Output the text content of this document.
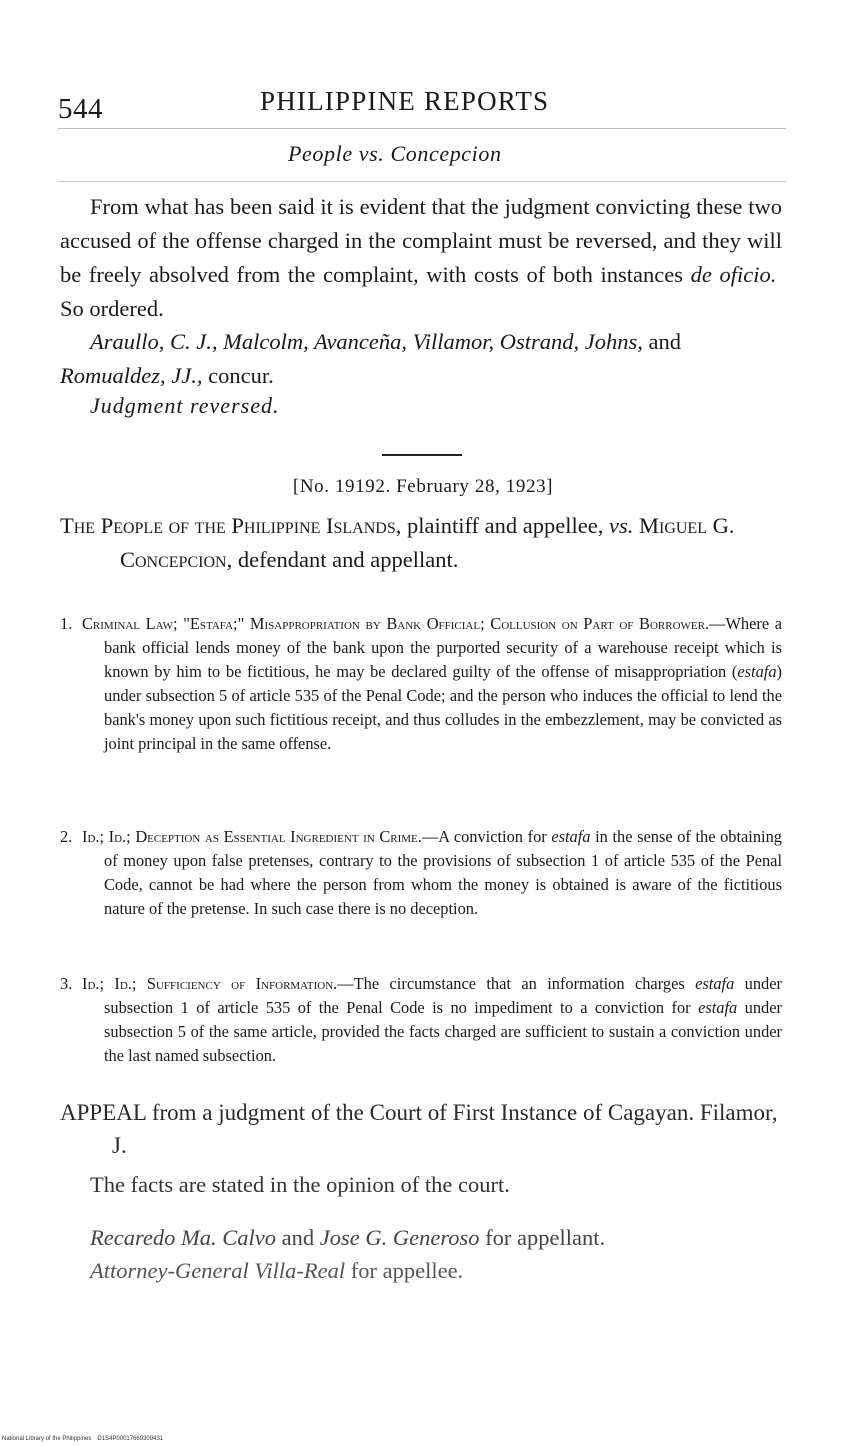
544	PHILIPPINE REPORTS
People vs. Concepcion

From what has been said it is evident that the judgment convicting these two accused of the offense charged in the complaint must be reversed, and they will be freely absolved from the complaint, with costs of both instances de oficio.  So ordered.

Araullo, C. J., Malcolm, Avanceña, Villamor, Ostrand, Johns, and Romualdez, JJ., concur.

Judgment reversed.

[No. 19192. February 28, 1923]

The People of the Philippine Islands, plaintiff and appellee, vs. Miguel G. Concepcion, defendant and appellant.

1. Criminal Law; "Estafa;" Misappropriation by Bank Official; Collusion on Part of Borrower.—Where a bank official lends money of the bank upon the purported security of a warehouse receipt which is known by him to be fictitious, he may be declared guilty of the offense of misappropriation (estafa) under subsection 5 of article 535 of the Penal Code; and the person who induces the official to lend the bank's money upon such fictitious receipt, and thus colludes in the embezzlement, may be convicted as joint principal in the same offense.

2. Id.; Id.; Deception as Essential Ingredient in Crime.—A conviction for estafa in the sense of the obtaining of money upon false pretenses, contrary to the provisions of subsection 1 of article 535 of the Penal Code, cannot be had where the person from whom the money is obtained is aware of the fictitious nature of the pretense. In such case there is no deception.

3. Id.; Id.; Sufficiency of Information.—The circumstance that an information charges estafa under subsection 1 of article 535 of the Penal Code is no impediment to a conviction for estafa under subsection 5 of the same article, provided the facts charged are sufficient to sustain a conviction under the last named subsection.

APPEAL from a judgment of the Court of First Instance of Cagayan. Filamor, J.

The facts are stated in the opinion of the court.

Recaredo Ma. Calvo and Jose G. Generoso for appellant.

Attorney-General Villa-Real for appellee.

National Library of the Philippines D1S4P00017669309431
